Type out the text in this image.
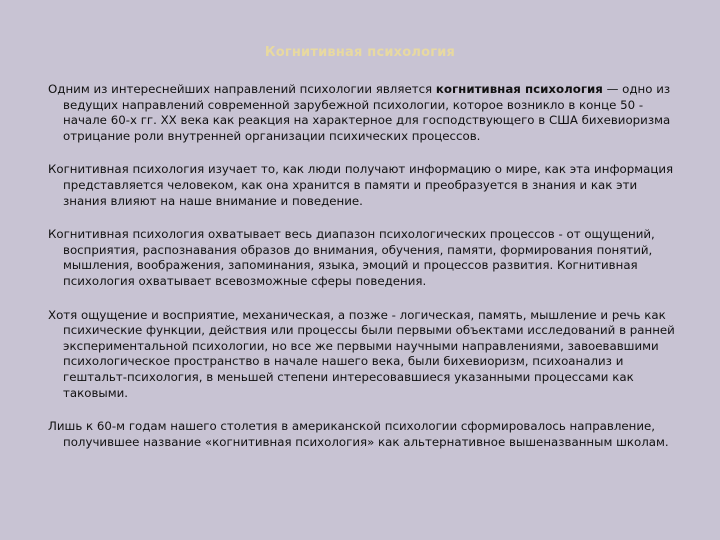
Когнитивная психология

Одним из интереснейших направлений психологии является когнитивная психология — одно из ведущих направлений современной зарубежной психологии, которое возникло в конце 50 - начале 60-х гг. XX века как реакция на характерное для господствующего в США бихевиоризма отрицание роли внутренней организации психических процессов.

Когнитивная психология изучает то, как люди получают информацию о мире, как эта информация представляется человеком, как она хранится в памяти и преобразуется в знания и как эти знания влияют на наше внимание и поведение.

Когнитивная психология охватывает весь диапазон психологических процессов - от ощущений, восприятия, распознавания образов до внимания, обучения, памяти, формирования понятий, мышления, воображения, запоминания, языка, эмоций и процессов развития. Когнитивная психология охватывает всевозможные сферы поведения.

Хотя ощущение и восприятие, механическая, а позже - логическая, память, мышление и речь как психические функции, действия или процессы были первыми объектами исследований в ранней экспериментальной психологии, но все же первыми научными направлениями, завоевавшими психологическое пространство в начале нашего века, были бихевиоризм, психоанализ и гештальт-психология, в меньшей степени интересовавшиеся указанными процессами как таковыми.

Лишь к 60-м годам нашего столетия в американской психологии сформировалось направление, получившее название «когнитивная психология» как альтернативное вышеназванным школам.
